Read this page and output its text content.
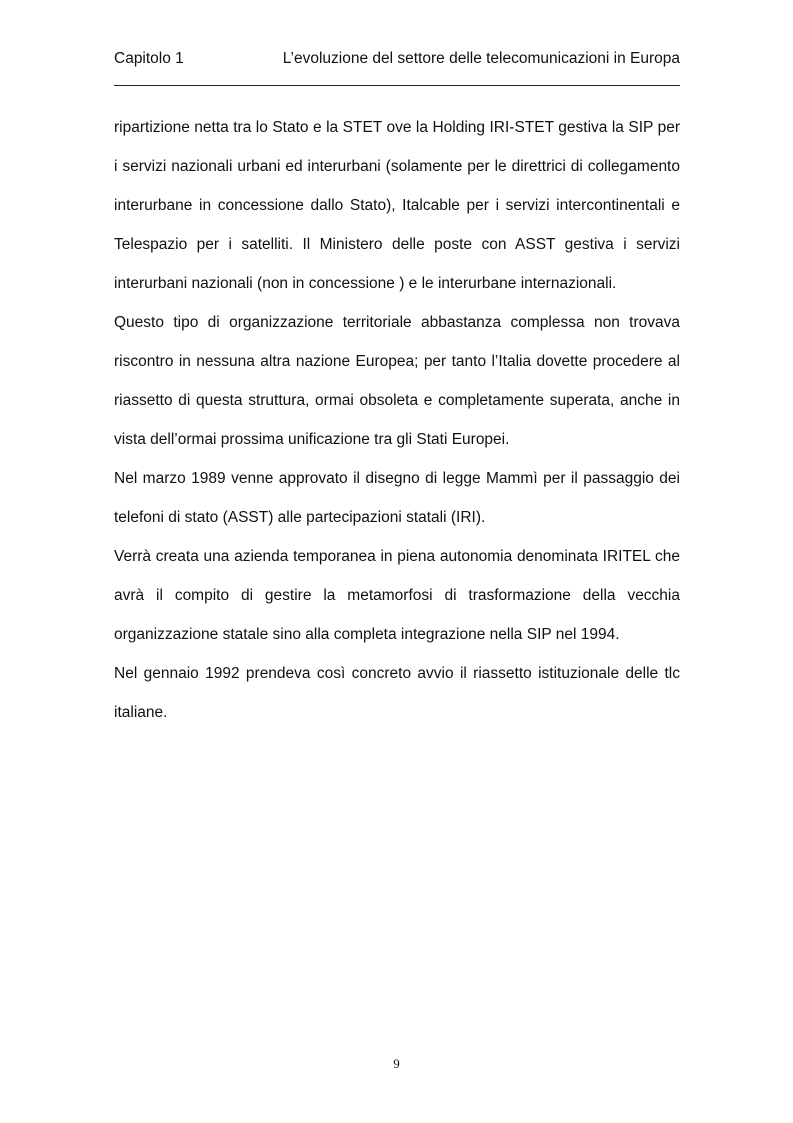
Capitolo 1	L’evoluzione del settore delle telecomunicazioni in Europa

ripartizione netta tra lo Stato e la STET ove la Holding IRI-STET gestiva la SIP per i servizi nazionali urbani ed interurbani (solamente per le direttrici di collegamento interurbane in concessione dallo Stato), Italcable per i servizi intercontinentali e Telespazio per i satelliti. Il Ministero delle poste con ASST gestiva i servizi interurbani nazionali (non in concessione ) e le interurbane internazionali.

Questo tipo di organizzazione territoriale abbastanza complessa non trovava riscontro in nessuna altra nazione Europea; per tanto l’Italia dovette procedere al riassetto di questa struttura, ormai obsoleta e completamente superata, anche in vista dell’ormai prossima unificazione tra gli Stati Europei.

Nel marzo 1989 venne approvato il disegno di legge Mammì per il passaggio dei telefoni di stato (ASST) alle partecipazioni statali (IRI).

Verrà creata una azienda temporanea in piena autonomia denominata IRITEL che avrà il compito di gestire la metamorfosi di trasformazione della vecchia organizzazione statale sino alla completa integrazione nella SIP nel 1994.

Nel gennaio 1992 prendeva così concreto avvio il riassetto istituzionale delle tlc italiane.

9
